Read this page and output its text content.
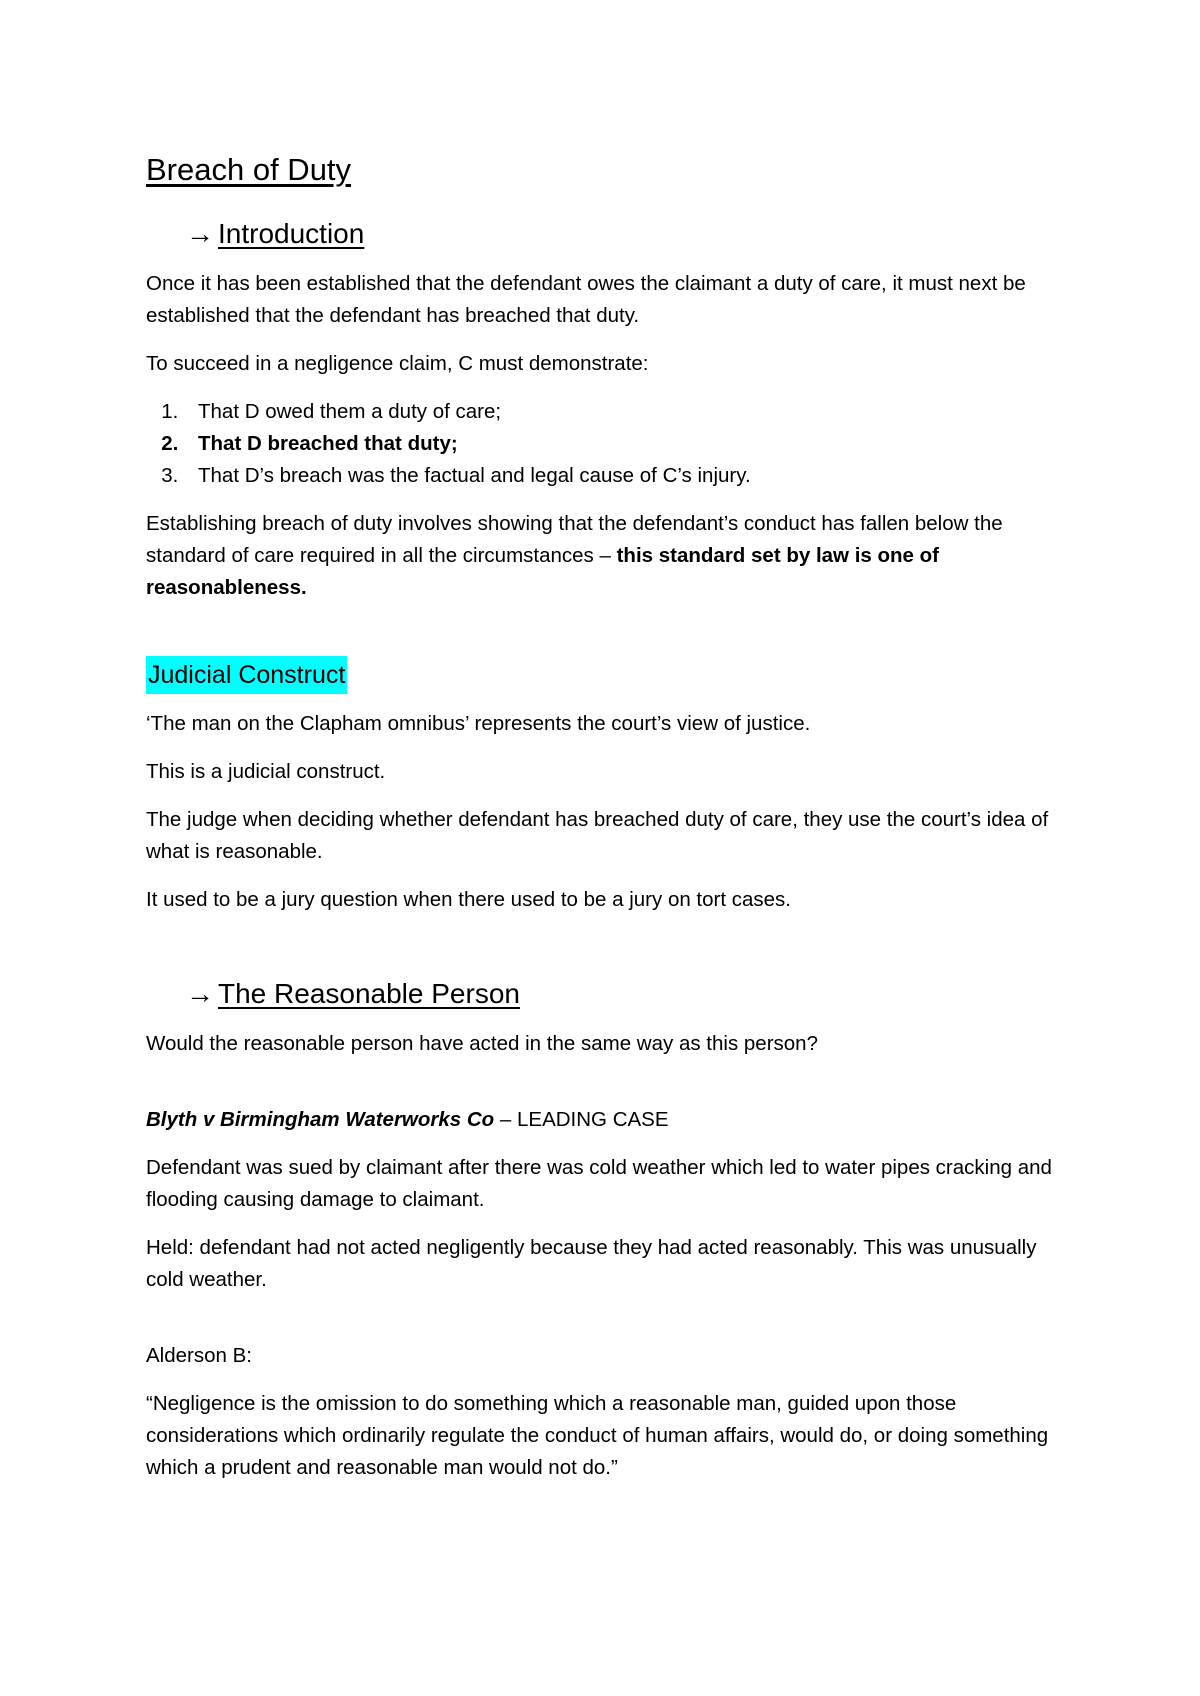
Breach of Duty
→ Introduction

Once it has been established that the defendant owes the claimant a duty of care, it must next be established that the defendant has breached that duty.

To succeed in a negligence claim, C must demonstrate:

1. That D owed them a duty of care;
2. That D breached that duty;
3. That D’s breach was the factual and legal cause of C’s injury.

Establishing breach of duty involves showing that the defendant’s conduct has fallen below the standard of care required in all the circumstances – this standard set by law is one of reasonableness.

Judicial Construct

‘The man on the Clapham omnibus’ represents the court’s view of justice.

This is a judicial construct.

The judge when deciding whether defendant has breached duty of care, they use the court’s idea of what is reasonable.

It used to be a jury question when there used to be a jury on tort cases.

→ The Reasonable Person

Would the reasonable person have acted in the same way as this person?

Blyth v Birmingham Waterworks Co – LEADING CASE

Defendant was sued by claimant after there was cold weather which led to water pipes cracking and flooding causing damage to claimant.

Held: defendant had not acted negligently because they had acted reasonably. This was unusually cold weather.

Alderson B:

“Negligence is the omission to do something which a reasonable man, guided upon those considerations which ordinarily regulate the conduct of human affairs, would do, or doing something which a prudent and reasonable man would not do.”
